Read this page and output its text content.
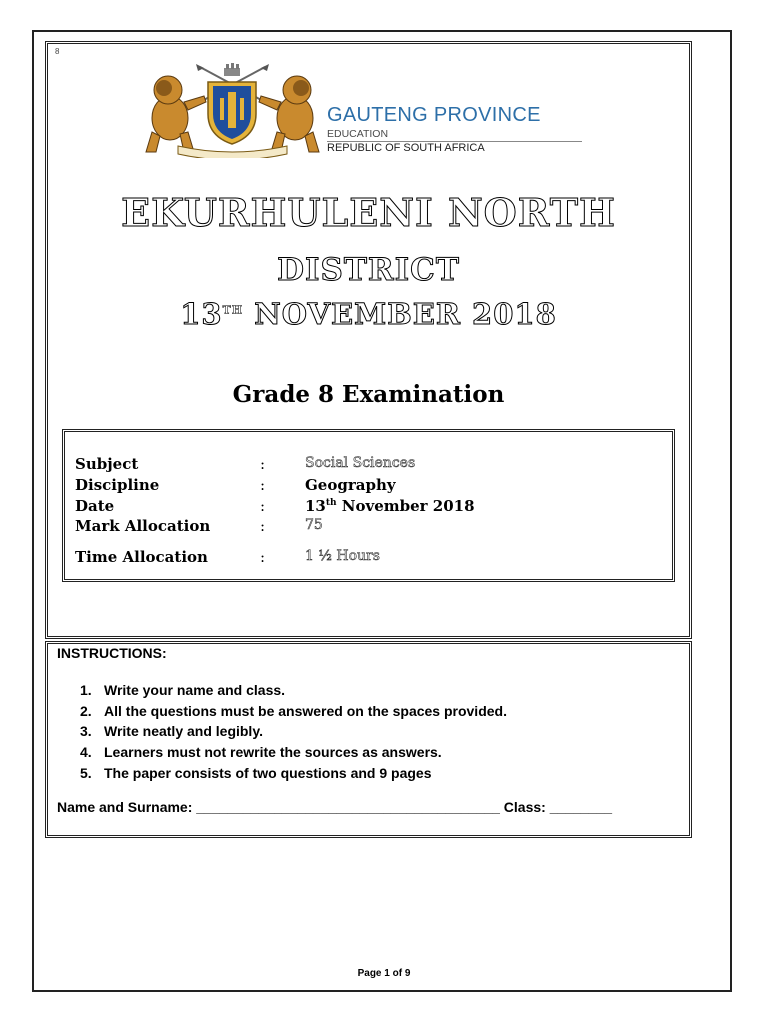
8
GAUTENG PROVINCE
EDUCATION
REPUBLIC OF SOUTH AFRICA
EKURHULENI NORTH
DISTRICT
13TH NOVEMBER 2018
Grade 8 Examination
Subject	:	Social Sciences
Discipline	:	Geography
Date	:	13th November 2018
Mark Allocation	:	75
Time Allocation	:	1 ½ Hours
INSTRUCTIONS:
1. Write your name and class.
2. All the questions must be answered on the spaces provided.
3. Write neatly and legibly.
4. Learners must not rewrite the sources as answers.
5. The paper consists of two questions and 9 pages
Name and Surname: _______________________________________ Class: ________
Page 1 of 9
